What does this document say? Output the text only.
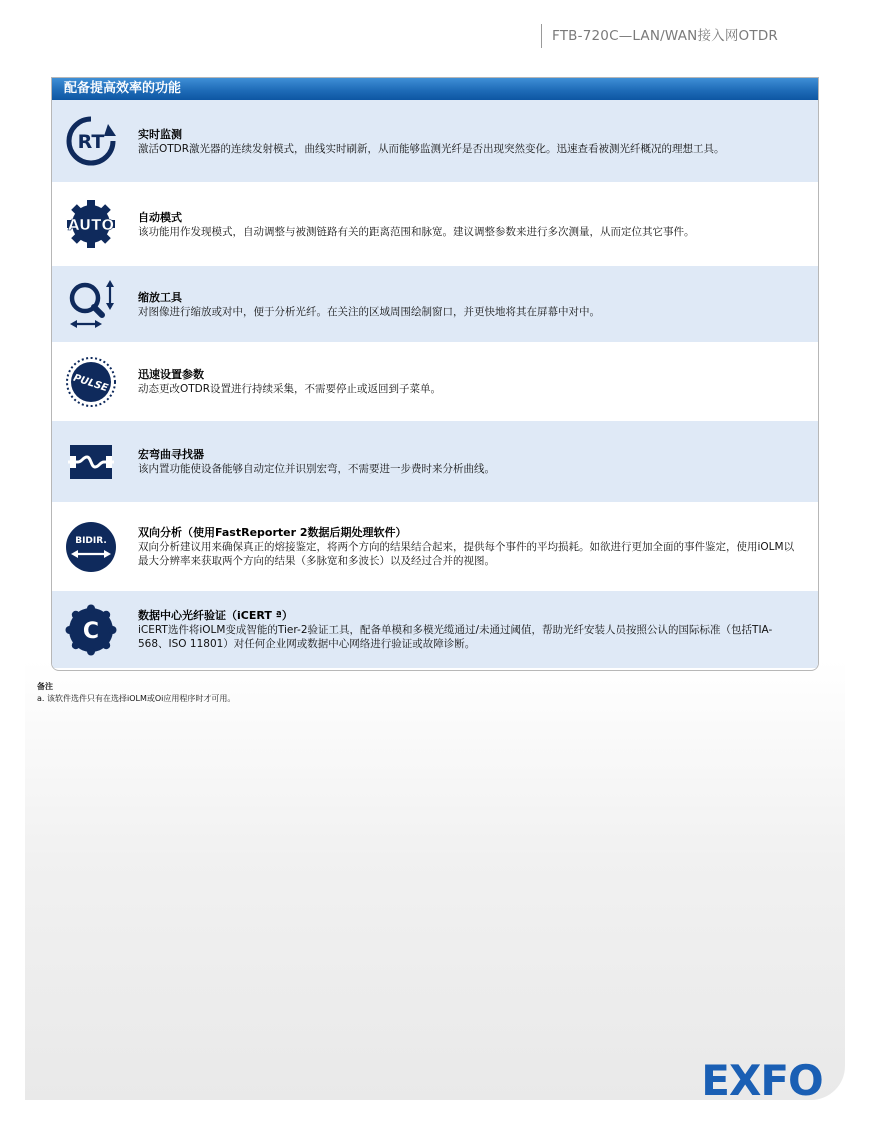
FTB-720C—LAN/WAN接入网OTDR
配备提高效率的功能
RT	实时监测
激活OTDR激光器的连续发射模式，曲线实时刷新，从而能够监测光纤是否出现突然变化。迅速查看被测光纤概况的理想工具。
AUTO 自动模式
该功能用作发现模式，自动调整与被测链路有关的距离范围和脉宽。建议调整参数来进行多次测量，从而定位其它事件。
缩放工具
对图像进行缩放或对中，便于分析光纤。在关注的区域周围绘制窗口，并更快地将其在屏幕中对中。
PULSE	迅速设置参数
动态更改OTDR设置进行持续采集，不需要停止或返回到子菜单。
宏弯曲寻找器
该内置功能使设备能够自动定位并识别宏弯，不需要进一步费时来分析曲线。
BIDIR.
双向分析（使用FastReporter 2数据后期处理软件）
双向分析建议用来确保真正的熔接鉴定，将两个方向的结果结合起来，提供每个事件的平均损耗。如欲进行更加全面的事件鉴定，使用iOLM以最大分辨率来获取两个方向的结果（多脉宽和多波长）以及经过合并的视图。
C
数据中心光纤验证（iCERT ª）
iCERT选件将iOLM变成智能的Tier-2验证工具，配备单模和多模光缆通过/未通过阈值，帮助光纤安装人员按照公认的国际标准（包括TIA-568、ISO 11801）对任何企业网或数据中心网络进行验证或故障诊断。
备注
a. 该软件选件只有在选择iOLM或Oi应用程序时才可用。
EXFO
